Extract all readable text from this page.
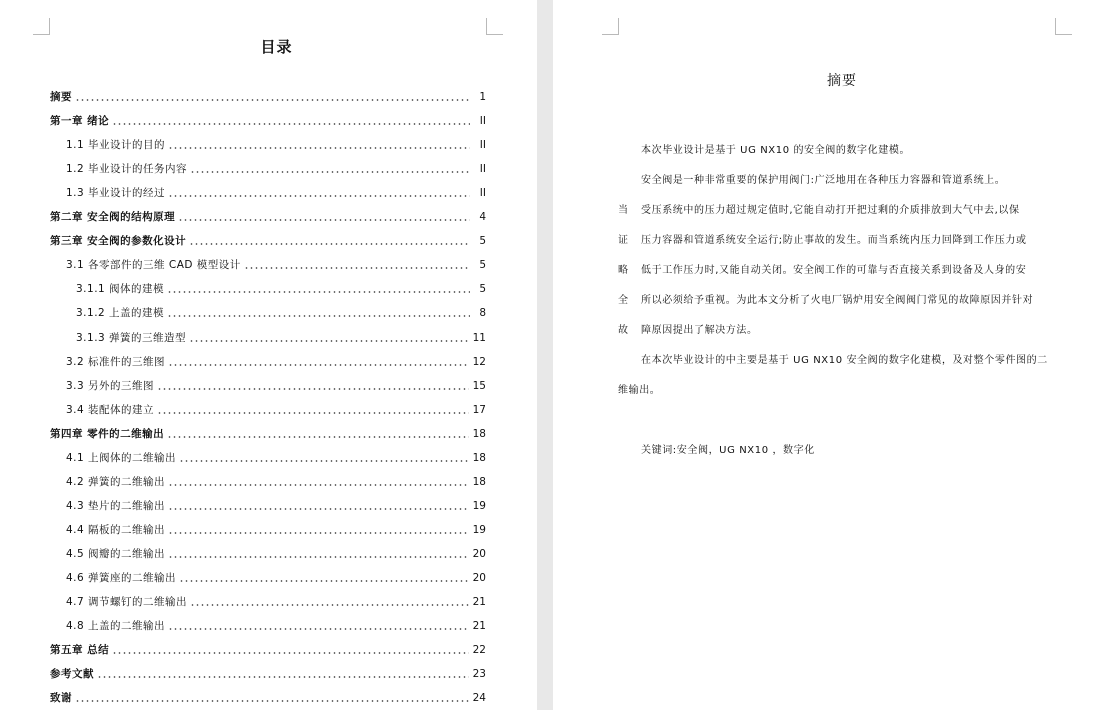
目录
摘要	1
第一章 绪论	II
1.1 毕业设计的目的	II
1.2 毕业设计的任务内容	II
1.3 毕业设计的经过	II
第二章 安全阀的结构原理	4
第三章 安全阀的参数化设计	5
3.1 各零部件的三维 CAD 模型设计	5
3.1.1 阀体的建模	5
3.1.2 上盖的建模	8
3.1.3 弹簧的三维造型	11
3.2 标准件的三维图	12
3.3 另外的三维图	15
3.4 装配体的建立	17
第四章 零件的二维输出	18
4.1 上阀体的二维输出	18
4.2 弹簧的二维输出	18
4.3 垫片的二维输出	19
4.4 隔板的二维输出	19
4.5 阀瓣的二维输出	20
4.6 弹簧座的二维输出	20
4.7 调节螺钉的二维输出	21
4.8 上盖的二维输出	21
第五章 总结	22
参考文献	23
致谢	24
摘要
本次毕业设计是基于 UG NX10 的安全阀的数字化建模。
安全阀是一种非常重要的保护用阀门:广泛地用在各种压力容器和管道系统上。
当 受压系统中的压力超过规定值时,它能自动打开把过剩的介质排放到大气中去,以保
证 压力容器和管道系统安全运行;防止事故的发生。而当系统内压力回降到工作压力或
略 低于工作压力时,又能自动关闭。安全阀工作的可靠与否直接关系到设备及人身的安
全 所以必须给予重视。为此本文分析了火电厂锅炉用安全阀阀门常见的故障原因并针对
故 障原因提出了解决方法。
在本次毕业设计的中主要是基于 UG NX10 安全阀的数字化建模，及对整个零件图的二
维输出。
关键词:安全阀，UG NX10 ，数字化
